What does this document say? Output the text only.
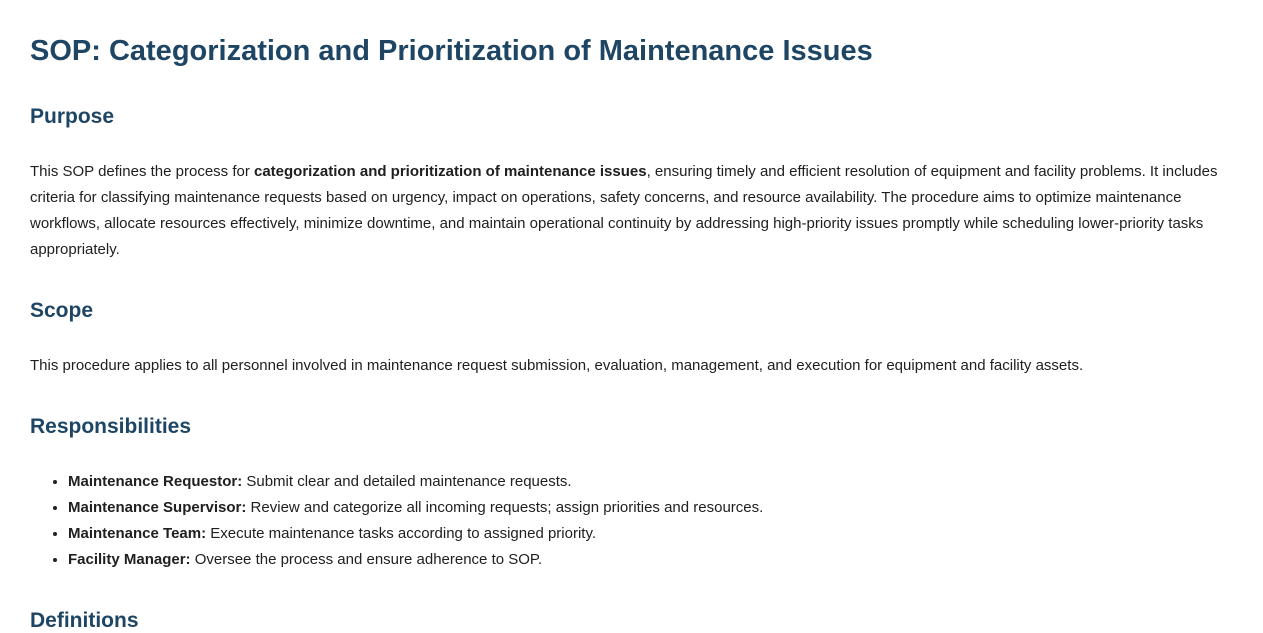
SOP: Categorization and Prioritization of Maintenance Issues
Purpose

This SOP defines the process for categorization and prioritization of maintenance issues, ensuring timely and efficient resolution of equipment and facility problems. It includes criteria for classifying maintenance requests based on urgency, impact on operations, safety concerns, and resource availability. The procedure aims to optimize maintenance workflows, allocate resources effectively, minimize downtime, and maintain operational continuity by addressing high-priority issues promptly while scheduling lower-priority tasks appropriately.

Scope

This procedure applies to all personnel involved in maintenance request submission, evaluation, management, and execution for equipment and facility assets.

Responsibilities
• Maintenance Requestor: Submit clear and detailed maintenance requests.
• Maintenance Supervisor: Review and categorize all incoming requests; assign priorities and resources.
• Maintenance Team: Execute maintenance tasks according to assigned priority.
• Facility Manager: Oversee the process and ensure adherence to SOP.
Definitions
